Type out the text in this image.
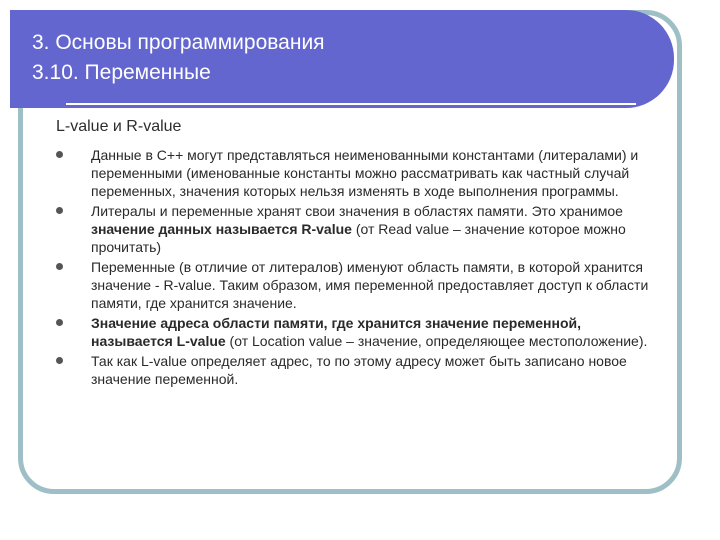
3. Основы программирования

3.10. Переменные

L-value и R-value

Данные в C++ могут представляться неименованными константами (литералами) и переменными (именованные константы можно рассматривать как частный случай переменных, значения которых нельзя изменять в ходе выполнения программы.
Литералы и переменные хранят свои значения в областях памяти. Это хранимое значение данных называется R-value (от Read value – значение которое можно прочитать)
Переменные (в отличие от литералов) именуют область памяти, в которой хранится значение - R-value. Таким образом, имя переменной предоставляет доступ к области памяти, где хранится значение.
Значение адреса области памяти, где хранится значение переменной, называется L-value (от Location value – значение, определяющее местоположение).
Так как L-value определяет адрес, то по этому адресу может быть записано новое значение переменной.
